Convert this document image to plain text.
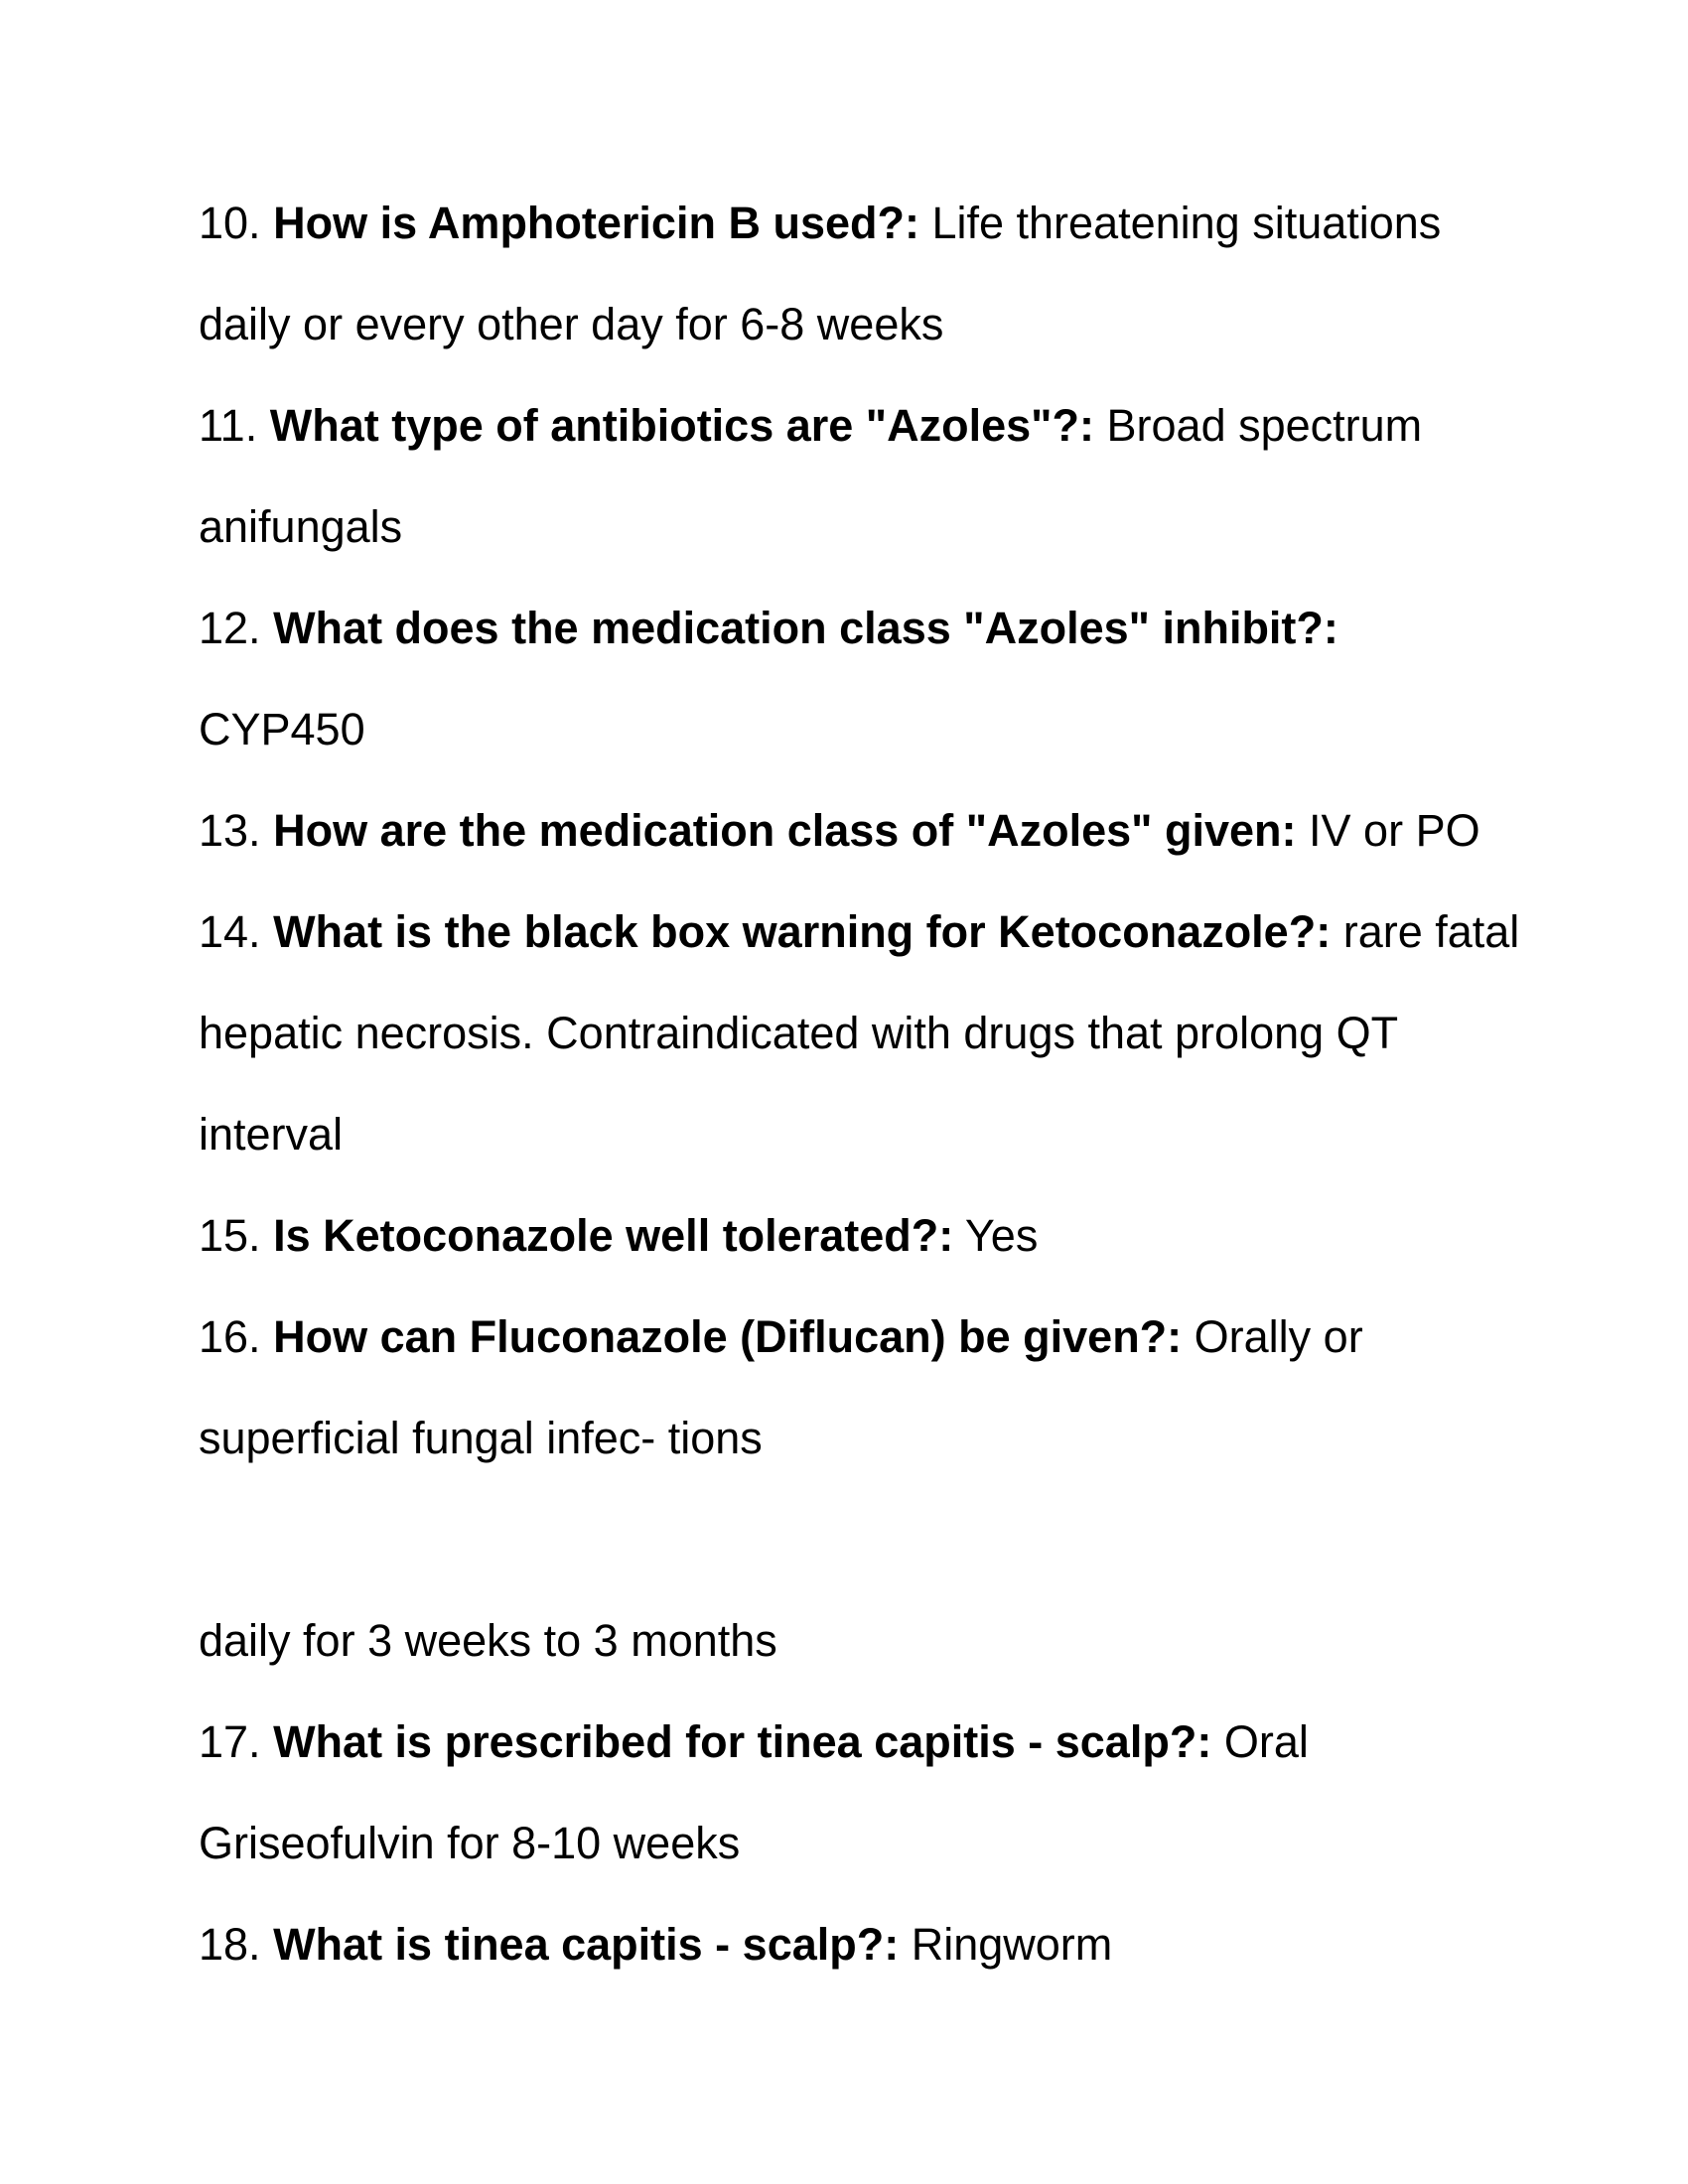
10. How is Amphotericin B used?: Life threatening situations
daily or every other day for 6-8 weeks
11. What type of antibiotics are "Azoles"?: Broad spectrum
anifungals
12. What does the medication class "Azoles" inhibit?:
CYP450
13. How are the medication class of "Azoles" given: IV or PO
14. What is the black box warning for Ketoconazole?: rare fatal
hepatic necrosis. Contraindicated with drugs that prolong QT
interval
15. Is Ketoconazole well tolerated?: Yes
16. How can Fluconazole (Diflucan) be given?: Orally or
superficial fungal infec- tions
daily for 3 weeks to 3 months
17. What is prescribed for tinea capitis - scalp?: Oral
Griseofulvin for 8-10 weeks
18. What is tinea capitis - scalp?: Ringworm
